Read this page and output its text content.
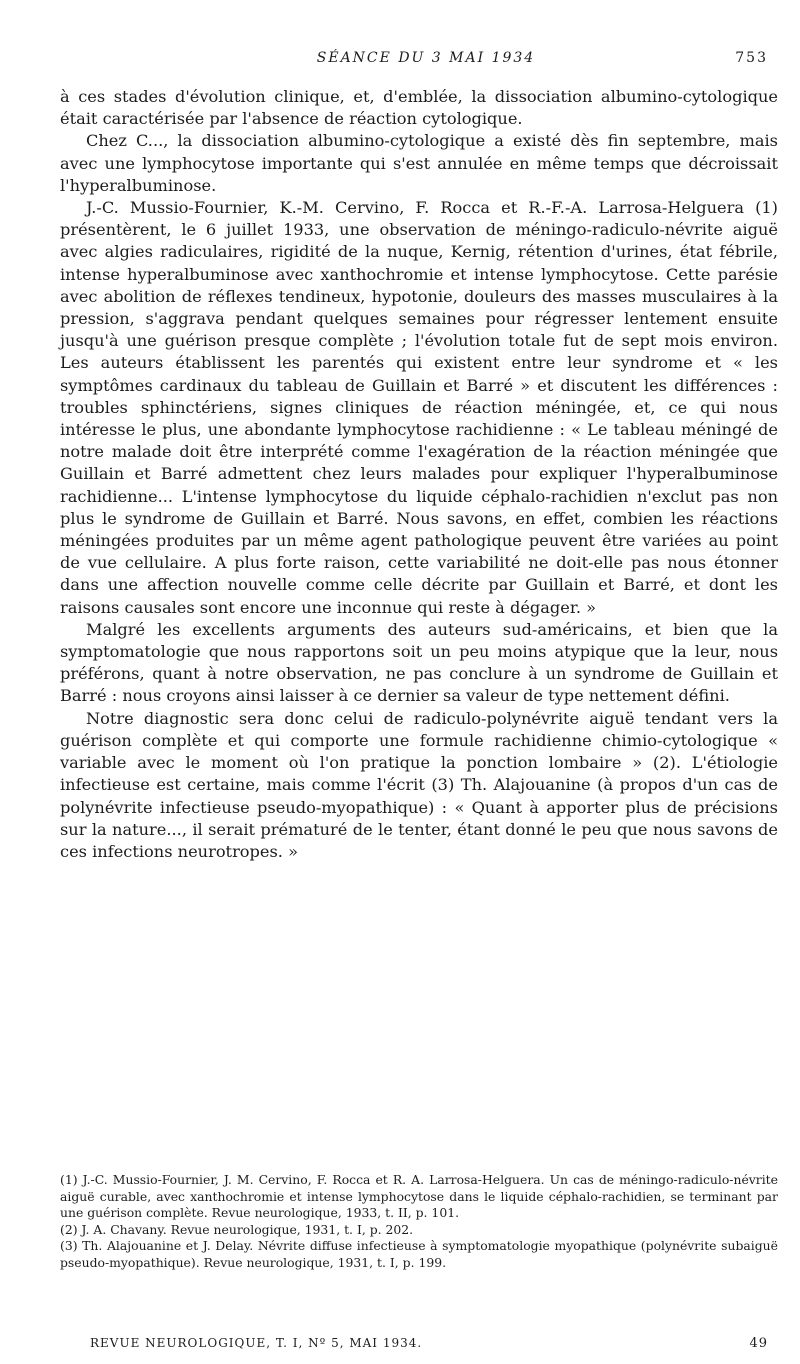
SÉANCE DU 3 MAI 1934	753

à ces stades d'évolution clinique, et, d'emblée, la dissociation albumino-cytologique était caractérisée par l'absence de réaction cytologique.

Chez C..., la dissociation albumino-cytologique a existé dès fin septembre, mais avec une lymphocytose importante qui s'est annulée en même temps que décroissait l'hyperalbuminose.

J.-C. Mussio-Fournier, K.-M. Cervino, F. Rocca et R.-F.-A. Larrosa-Helguera (1) présentèrent, le 6 juillet 1933, une observation de méningo-radiculo-névrite aiguë avec algies radiculaires, rigidité de la nuque, Kernig, rétention d'urines, état fébrile, intense hyperalbuminose avec xanthochromie et intense lymphocytose. Cette parésie avec abolition de réflexes tendineux, hypotonie, douleurs des masses musculaires à la pression, s'aggrava pendant quelques semaines pour régresser lentement ensuite jusqu'à une guérison presque complète ; l'évolution totale fut de sept mois environ. Les auteurs établissent les parentés qui existent entre leur syndrome et « les symptômes cardinaux du tableau de Guillain et Barré » et discutent les différences : troubles sphinctériens, signes cliniques de réaction méningée, et, ce qui nous intéresse le plus, une abondante lymphocytose rachidienne : « Le tableau méningé de notre malade doit être interprété comme l'exagération de la réaction méningée que Guillain et Barré admettent chez leurs malades pour expliquer l'hyperalbuminose rachidienne... L'intense lymphocytose du liquide céphalo-rachidien n'exclut pas non plus le syndrome de Guillain et Barré. Nous savons, en effet, combien les réactions méningées produites par un même agent pathologique peuvent être variées au point de vue cellulaire. A plus forte raison, cette variabilité ne doit-elle pas nous étonner dans une affection nouvelle comme celle décrite par Guillain et Barré, et dont les raisons causales sont encore une inconnue qui reste à dégager. »

Malgré les excellents arguments des auteurs sud-américains, et bien que la symptomatologie que nous rapportons soit un peu moins atypique que la leur, nous préférons, quant à notre observation, ne pas conclure à un syndrome de Guillain et Barré : nous croyons ainsi laisser à ce dernier sa valeur de type nettement défini.

Notre diagnostic sera donc celui de radiculo-polynévrite aiguë tendant vers la guérison complète et qui comporte une formule rachidienne chimio-cytologique « variable avec le moment où l'on pratique la ponction lombaire » (2). L'étiologie infectieuse est certaine, mais comme l'écrit (3) Th. Alajouanine (à propos d'un cas de polynévrite infectieuse pseudo-myopathique) : « Quant à apporter plus de précisions sur la nature..., il serait prématuré de le tenter, étant donné le peu que nous savons de ces infections neurotropes. »

(1) J.-C. Mussio-Fournier, J. M. Cervino, F. Rocca et R. A. Larrosa-Helguera. Un cas de méningo-radiculo-névrite aiguë curable, avec xanthochromie et intense lymphocytose dans le liquide céphalo-rachidien, se terminant par une guérison complète. Revue neurologique, 1933, t. II, p. 101.

(2) J. A. Chavany. Revue neurologique, 1931, t. I, p. 202.

(3) Th. Alajouanine et J. Delay. Névrite diffuse infectieuse à symptomatologie myopathique (polynévrite subaiguë pseudo-myopathique). Revue neurologique, 1931, t. I, p. 199.

REVUE NEUROLOGIQUE, T. I, Nº 5, MAI 1934.	49
